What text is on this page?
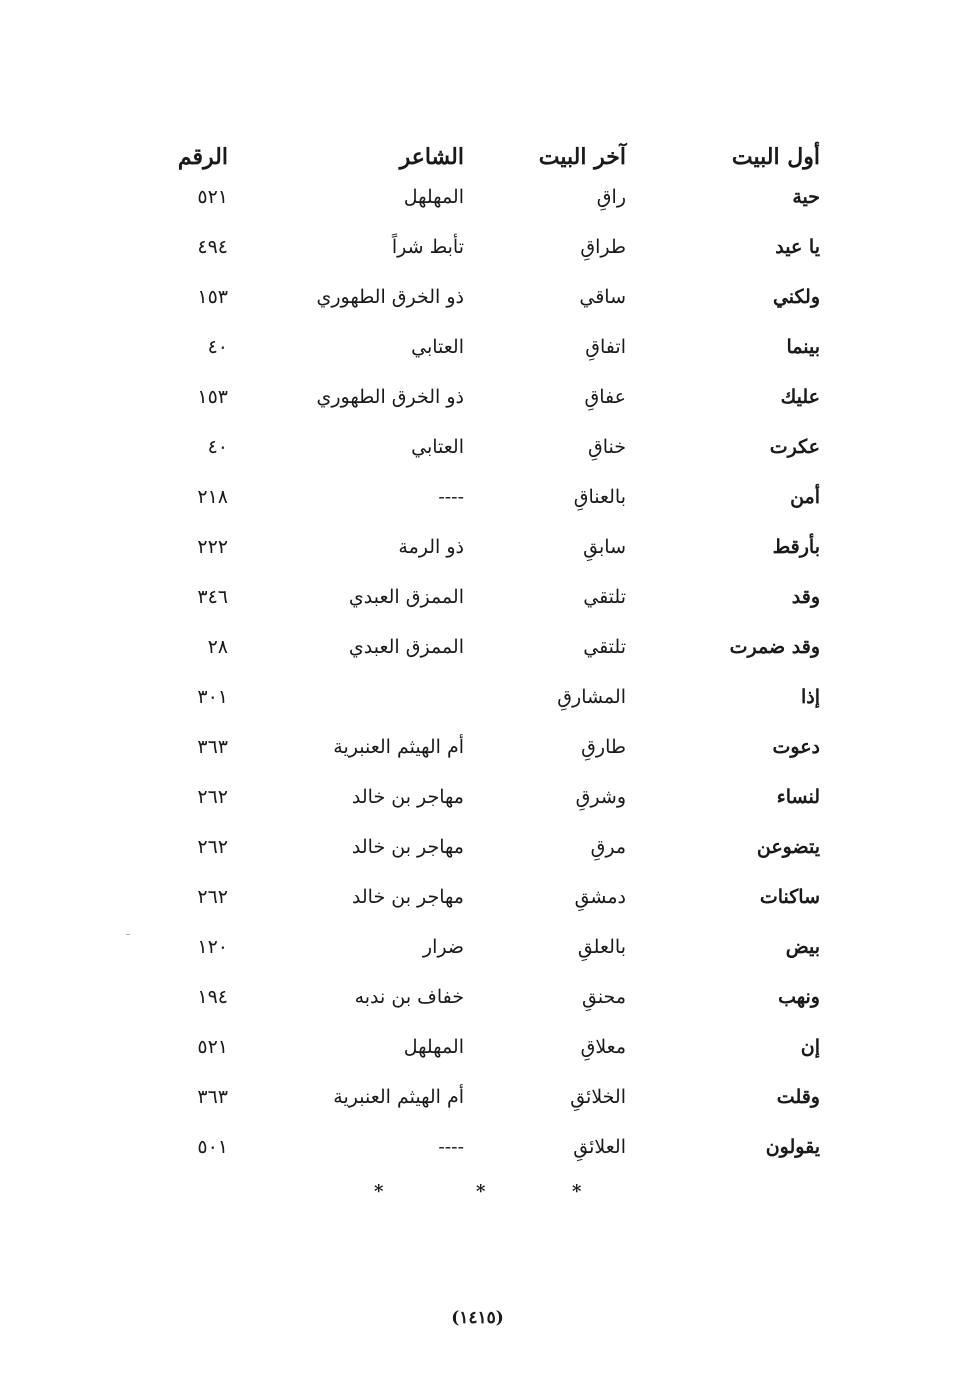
أول البيت
آخر البيت
الشاعر
الرقم
حية
راقِ
المهلهل
٥٢١
يا عيد
طراقِ
تأبط شراً
٤٩٤
ولكني
ساقي
ذو الخرق الطهوري
١٥٣
بينما
اتفاقِ
العتابي
٤٠
عليك
عفاقِ
ذو الخرق الطهوري
١٥٣
عكرت
خناقِ
العتابي
٤٠
أمن
بالعناقِ
----
٢١٨
بأرقط
سابقِ
ذو الرمة
٢٢٢
وقد
تلتقي
الممزق العبدي
٣٤٦
وقد ضمرت
تلتقي
الممزق العبدي
٢٨
إذا
المشارقِ
٣٠١
دعوت
طارقِ
أم الهيثم العنبرية
٣٦٣
لنساء
وشرقِ
مهاجر بن خالد
٢٦٢
يتضوعن
مرقِ
مهاجر بن خالد
٢٦٢
ساكنات
دمشقِ
مهاجر بن خالد
٢٦٢
بيض
بالعلقِ
ضرار
١٢٠
ونهب
محنقِ
خفاف بن ندبه
١٩٤
إن
معلاقِ
المهلهل
٥٢١
وقلت
الخلائقِ
أم الهيثم العنبرية
٣٦٣
يقولون
العلائقِ
----
٥٠١
*
*
*
(١٤١٥)
